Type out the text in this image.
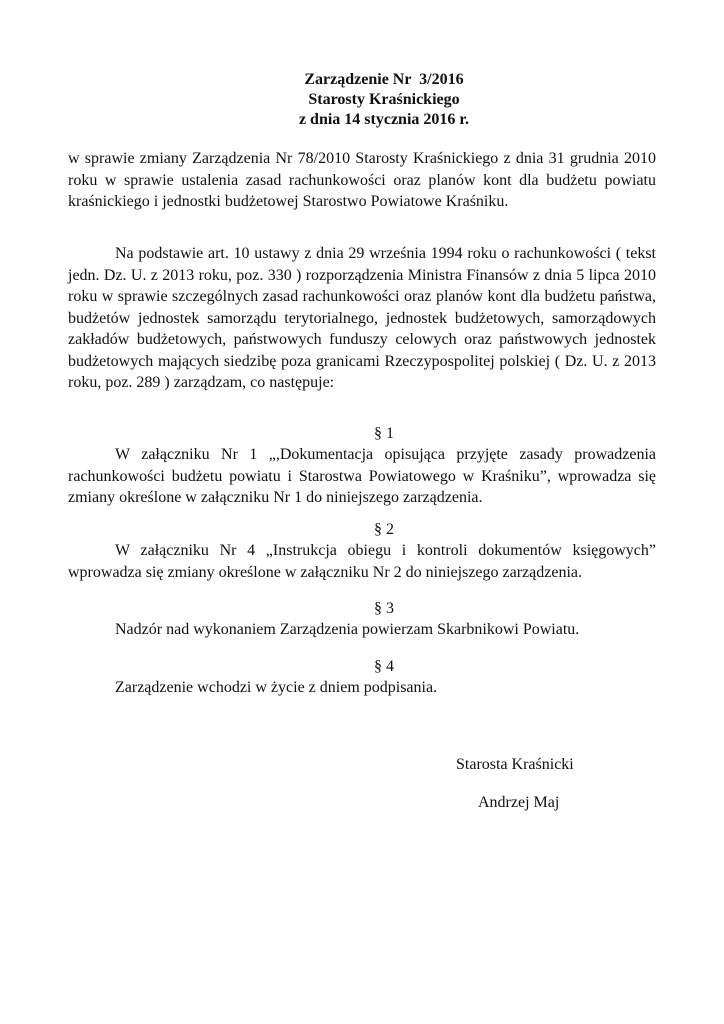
Zarządzenie Nr  3/2016
Starosty Kraśnickiego
z dnia 14 stycznia 2016 r.
w sprawie zmiany Zarządzenia Nr 78/2010 Starosty Kraśnickiego z dnia 31 grudnia 2010 roku w sprawie ustalenia zasad rachunkowości oraz planów kont dla budżetu powiatu kraśnickiego i jednostki budżetowej Starostwo Powiatowe Kraśniku.
Na podstawie art. 10 ustawy z dnia 29 września 1994 roku o rachunkowości ( tekst jedn. Dz. U. z 2013 roku, poz. 330 ) rozporządzenia Ministra Finansów z dnia 5 lipca 2010 roku w sprawie szczególnych zasad rachunkowości oraz planów kont dla budżetu państwa, budżetów jednostek samorządu terytorialnego, jednostek budżetowych, samorządowych zakładów budżetowych, państwowych funduszy celowych oraz państwowych jednostek budżetowych mających siedzibę poza granicami Rzeczypospolitej polskiej ( Dz. U. z 2013 roku, poz. 289 ) zarządzam, co następuje:
§ 1
W załączniku Nr 1 „,Dokumentacja opisująca przyjęte zasady prowadzenia rachunkowości budżetu powiatu i Starostwa Powiatowego w Kraśniku”, wprowadza się zmiany określone w załączniku Nr 1 do niniejszego zarządzenia.
§ 2
W załączniku Nr 4 „Instrukcja obiegu i kontroli dokumentów księgowych” wprowadza się zmiany określone w załączniku Nr 2 do niniejszego zarządzenia.
§ 3
Nadzór nad wykonaniem Zarządzenia powierzam Skarbnikowi Powiatu.
§ 4
Zarządzenie wchodzi w życie z dniem podpisania.
Starosta Kraśnicki
Andrzej Maj
